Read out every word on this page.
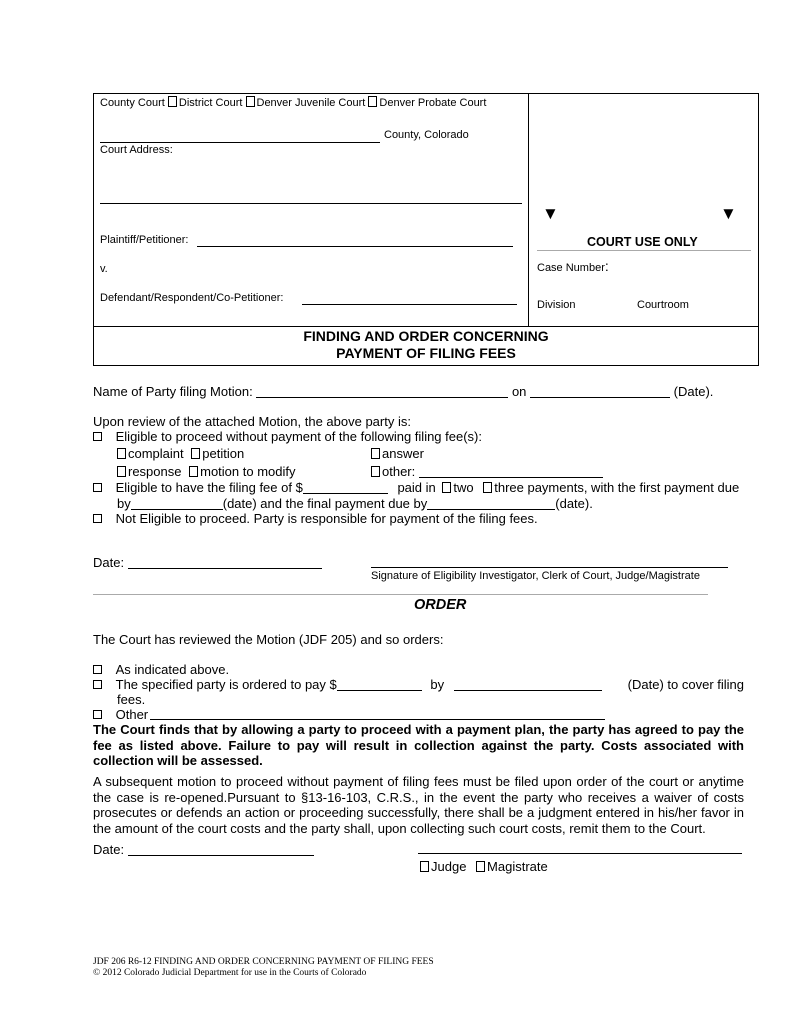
County Court District Court Denver Juvenile Court Denver Probate Court
County, Colorado
Court Address:
Plaintiff/Petitioner:
v.
Defendant/Respondent/Co-Petitioner:
▼	▼
COURT USE ONLY
Case Number:
Division	Courtroom
FINDING AND ORDER CONCERNING
PAYMENT OF FILING FEES
Name of Party filing Motion:	on	(Date).
Upon review of the attached Motion, the above party is:
Eligible to proceed without payment of the following filing fee(s):
complaint petition	answer
response motion to modify	other:
Eligible to have the filing fee of $	paid in two three payments, with the first payment due
by	(date) and the final payment due by	(date).
Not Eligible to proceed. Party is responsible for payment of the filing fees.
Date:
Signature of Eligibility Investigator, Clerk of Court, Judge/Magistrate
ORDER
The Court has reviewed the Motion (JDF 205) and so orders:
As indicated above.
The specified party is ordered to pay $	by	(Date) to cover filing
fees.
Other
The Court finds that by allowing a party to proceed with a payment plan, the party has agreed to pay the fee as listed above. Failure to pay will result in collection against the party. Costs associated with collection will be assessed.
A subsequent motion to proceed without payment of filing fees must be filed upon order of the court or anytime the case is re-opened.Pursuant to §13-16-103, C.R.S., in the event the party who receives a waiver of costs prosecutes or defends an action or proceeding successfully, there shall be a judgment entered in his/her favor in the amount of the court costs and the party shall, upon collecting such court costs, remit them to the Court.
Date:
Judge Magistrate
JDF 206 R6-12 FINDING AND ORDER CONCERNING PAYMENT OF FILING FEES
© 2012 Colorado Judicial Department for use in the Courts of Colorado
